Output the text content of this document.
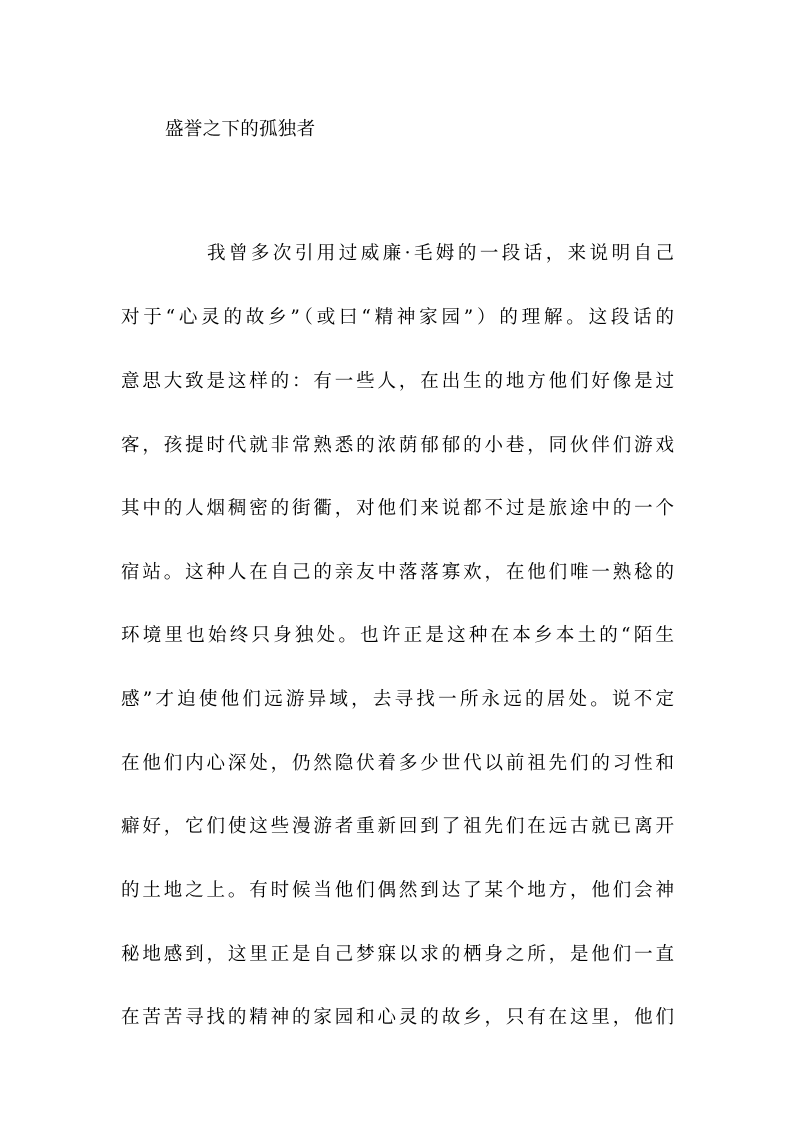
盛誉之下的孤独者
我曾多次引用过威廉·毛姆的一段话，来说明自己
对于“心灵的故乡”（或曰“精神家园”）的理解。这段话的
意思大致是这样的：有一些人，在出生的地方他们好像是过
客，孩提时代就非常熟悉的浓荫郁郁的小巷，同伙伴们游戏
其中的人烟稠密的街衢，对他们来说都不过是旅途中的一个
宿站。这种人在自己的亲友中落落寡欢，在他们唯一熟稔的
环境里也始终只身独处。也许正是这种在本乡本土的“陌生
感”才迫使他们远游异域，去寻找一所永远的居处。说不定
在他们内心深处，仍然隐伏着多少世代以前祖先们的习性和
癖好，它们使这些漫游者重新回到了祖先们在远古就已离开
的土地之上。有时候当他们偶然到达了某个地方，他们会神
秘地感到，这里正是自己梦寐以求的栖身之所，是他们一直
在苦苦寻找的精神的家园和心灵的故乡，只有在这里，他们
